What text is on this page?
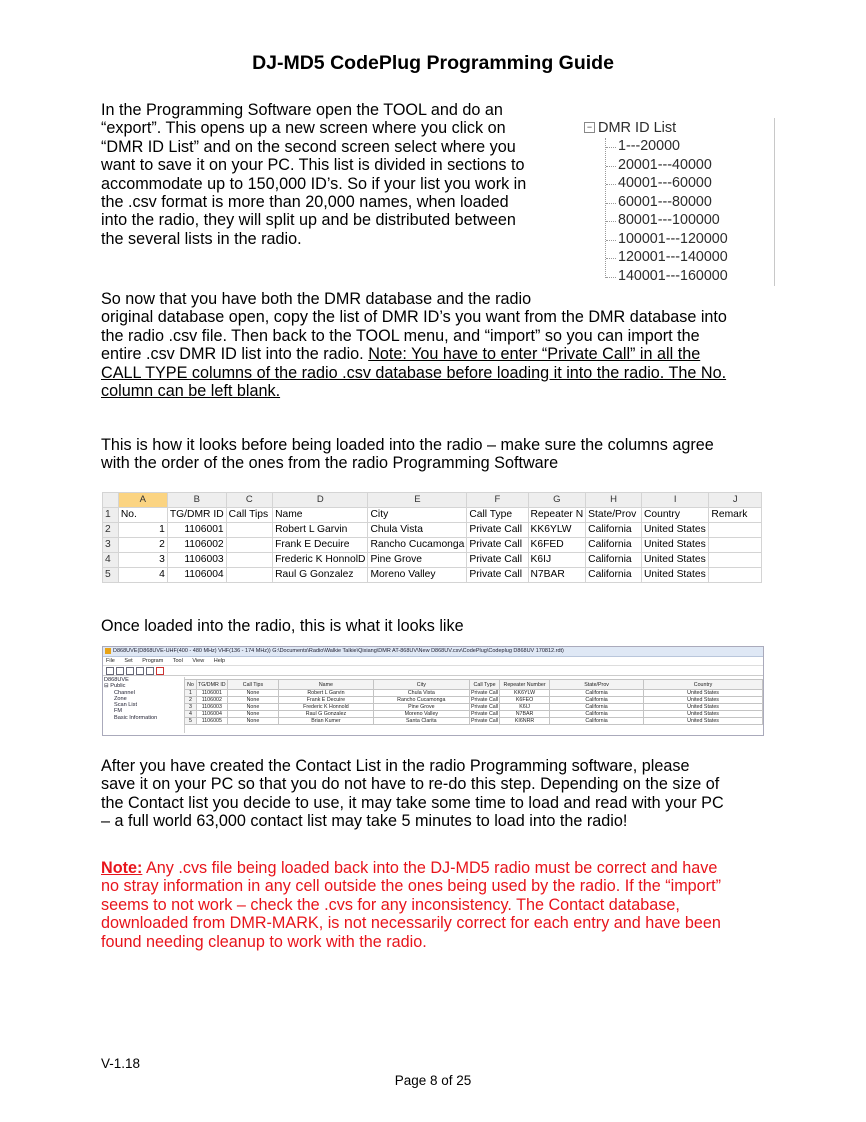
DJ-MD5 CodePlug Programming Guide

In the Programming Software open the TOOL and do an

“export”. This opens up a new screen where you click on

“DMR ID List” and on the second screen select where you

want to save it on your PC. This list is divided in sections to

accommodate up to 150,000 ID’s. So if your list you work in

the .csv format is more than 20,000 names, when loaded

into the radio, they will split up and be distributed between

the several lists in the radio.

− DMR ID List
1---20000
20001---40000
40001---60000
60001---80000
80001---100000
100001---120000
120001---140000
140001---160000

So now that you have both the DMR database and the radio

original database open, copy the list of DMR ID’s you want from the DMR database into

the radio .csv file. Then back to the TOOL menu, and “import” so you can import the

entire .csv DMR ID list into the radio. Note: You have to enter “Private Call” in all the

CALL TYPE columns of the radio .csv database before loading it into the radio. The No.

column can be left blank.

This is how it looks before being loaded into the radio – make sure the columns agree

with the order of the ones from the radio Programming Software

	A	B	C	D	E	F	G	H	I	J
1	No.	TG/DMR ID	Call Tips	Name	City	Call Type	Repeater N	State/Prov	Country	Remark
2	1	1106001		Robert L Garvin	Chula Vista	Private Call	KK6YLW	California	United States	
3	2	1106002		Frank E Decuire	Rancho Cucamonga	Private Call	K6FED	California	United States	
4	3	1106003		Frederic K HonnolD	Pine Grove	Private Call	K6IJ	California	United States	
5	4	1106004		Raul G Gonzalez	Moreno Valley	Private Call	N7BAR	California	United States	

Once loaded into the radio, this is what it looks like

D868UVE(D868UVE-UHF(400 - 480 MHz) VHF(136 - 174 MHz)) G:\Documents\Radio\Walkie Talkie\Qixiang\DMR AT-868UV\New D868UV.csv\CodePlug\Codeplug D868UV 170812.rdt)
File Set Program Tool View Help
D868UVE
⊟ Public
Channel
Zone
Scan List
FM
Basic Information
No	TG/DMR ID	Call Tips	Name	City	Call Type	Repeater Number	State/Prov	Country
1	1106001	None	Robert L Garvin	Chula Vista	Private Call	KK6YLW	California	United States
2	1106002	None	Frank E Decuire	Rancho Cucamonga	Private Call	K6FEO	California	United States
3	1106003	None	Frederic K Honnold	Pine Grove	Private Call	K6IJ	California	United States
4	1106004	None	Raul G Gonzalez	Moreno Valley	Private Call	N7BAR	California	United States
5	1106005	None	Brian Kumer	Santa Clarita	Private Call	KI6NRR	California	United States

After you have created the Contact List in the radio Programming software, please

save it on your PC so that you do not have to re-do this step. Depending on the size of

the Contact list you decide to use, it may take some time to load and read with your PC

– a full world 63,000 contact list may take 5 minutes to load into the radio!

Note: Any .cvs file being loaded back into the DJ-MD5 radio must be correct and have

no stray information in any cell outside the ones being used by the radio. If the “import”

seems to not work – check the .cvs for any inconsistency. The Contact database,

downloaded from DMR-MARK, is not necessarily correct for each entry and have been

found needing cleanup to work with the radio.

V-1.18
Page 8 of 25
